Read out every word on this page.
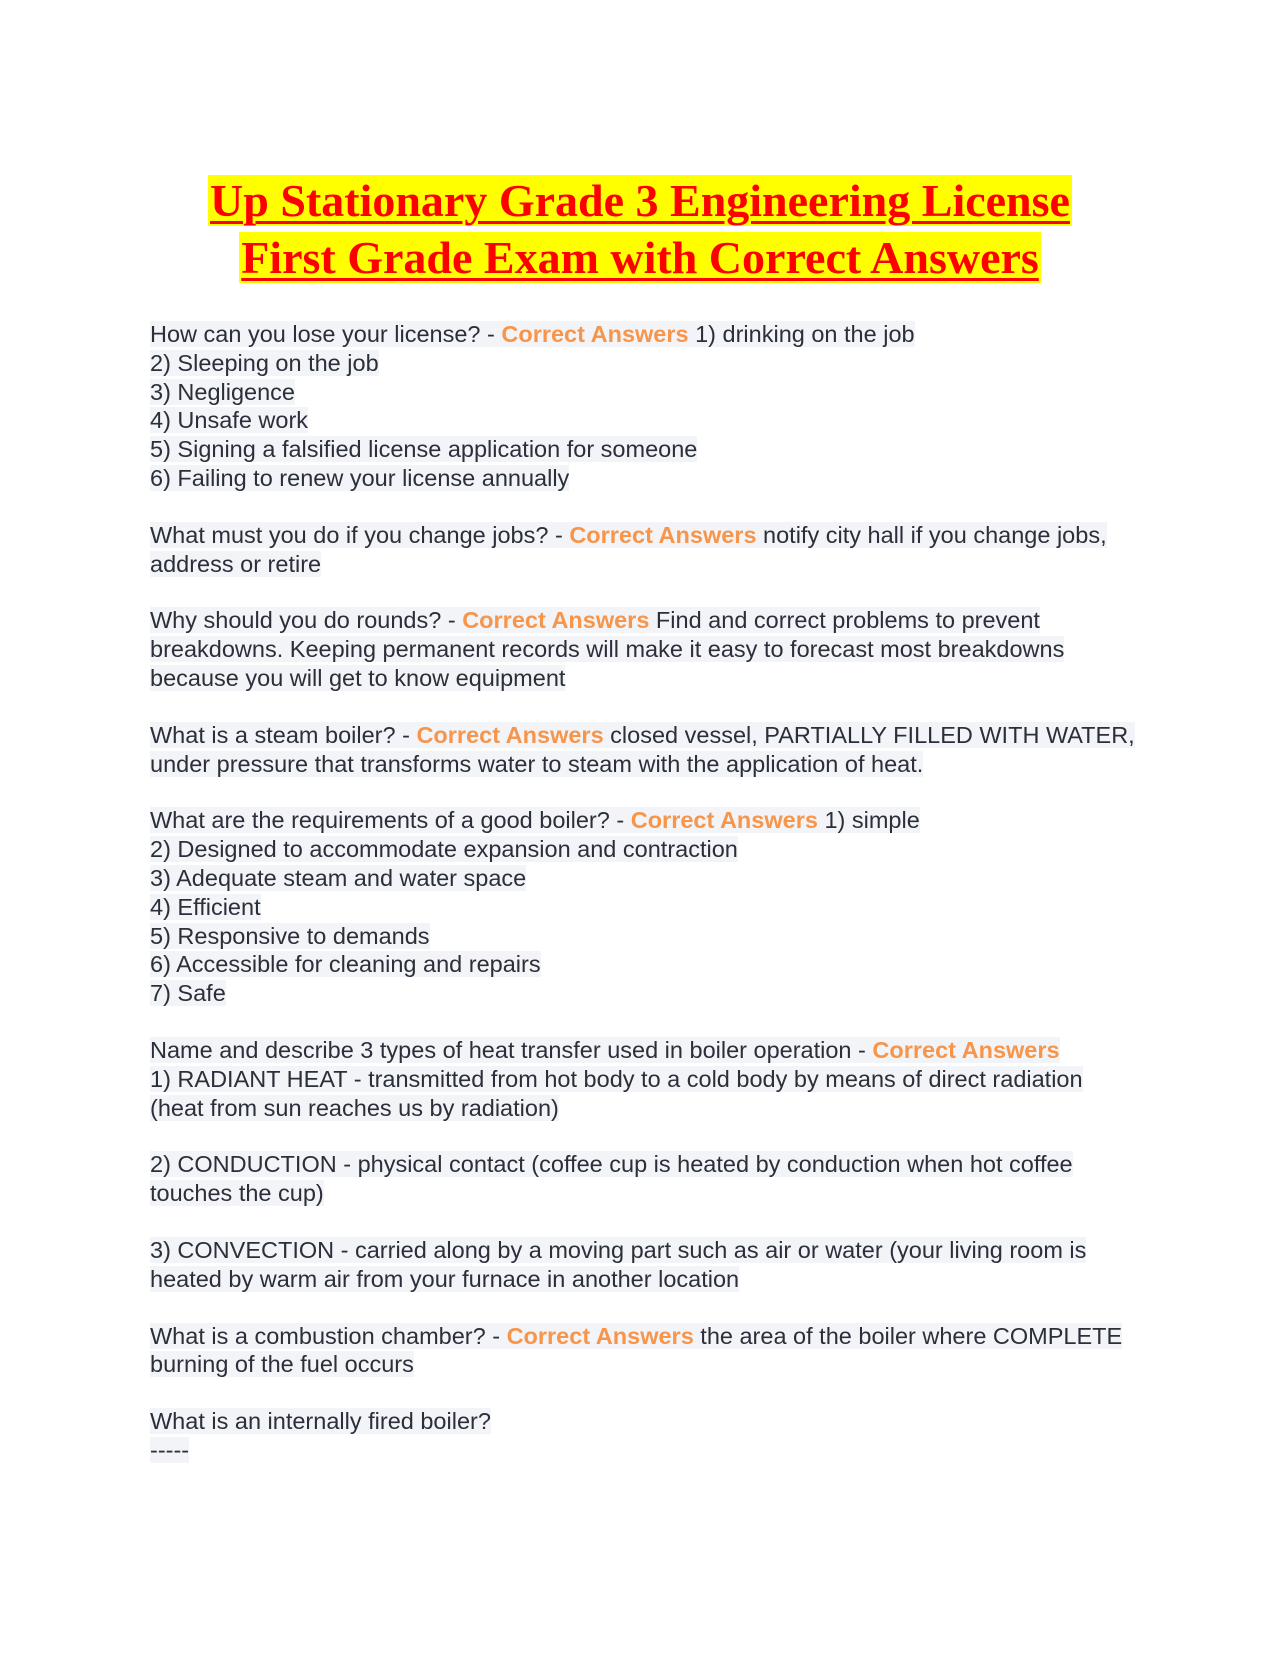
Up Stationary Grade 3 Engineering License
First Grade Exam with Correct Answers
How can you lose your license? - Correct Answers 1) drinking on the job
2) Sleeping on the job
3) Negligence
4) Unsafe work
5) Signing a falsified license application for someone
6) Failing to renew your license annually
What must you do if you change jobs? - Correct Answers notify city hall if you change jobs, address or retire
Why should you do rounds? - Correct Answers Find and correct problems to prevent breakdowns. Keeping permanent records will make it easy to forecast most breakdowns because you will get to know equipment
What is a steam boiler? - Correct Answers closed vessel, PARTIALLY FILLED WITH WATER, under pressure that transforms water to steam with the application of heat.
What are the requirements of a good boiler? - Correct Answers 1) simple
2) Designed to accommodate expansion and contraction
3) Adequate steam and water space
4) Efficient
5) Responsive to demands
6) Accessible for cleaning and repairs
7) Safe
Name and describe 3 types of heat transfer used in boiler operation - Correct Answers
1) RADIANT HEAT - transmitted from hot body to a cold body by means of direct radiation (heat from sun reaches us by radiation)
2) CONDUCTION - physical contact (coffee cup is heated by conduction when hot coffee touches the cup)
3) CONVECTION - carried along by a moving part such as air or water (your living room is heated by warm air from your furnace in another location
What is a combustion chamber? - Correct Answers the area of the boiler where COMPLETE burning of the fuel occurs
What is an internally fired boiler?
-----
